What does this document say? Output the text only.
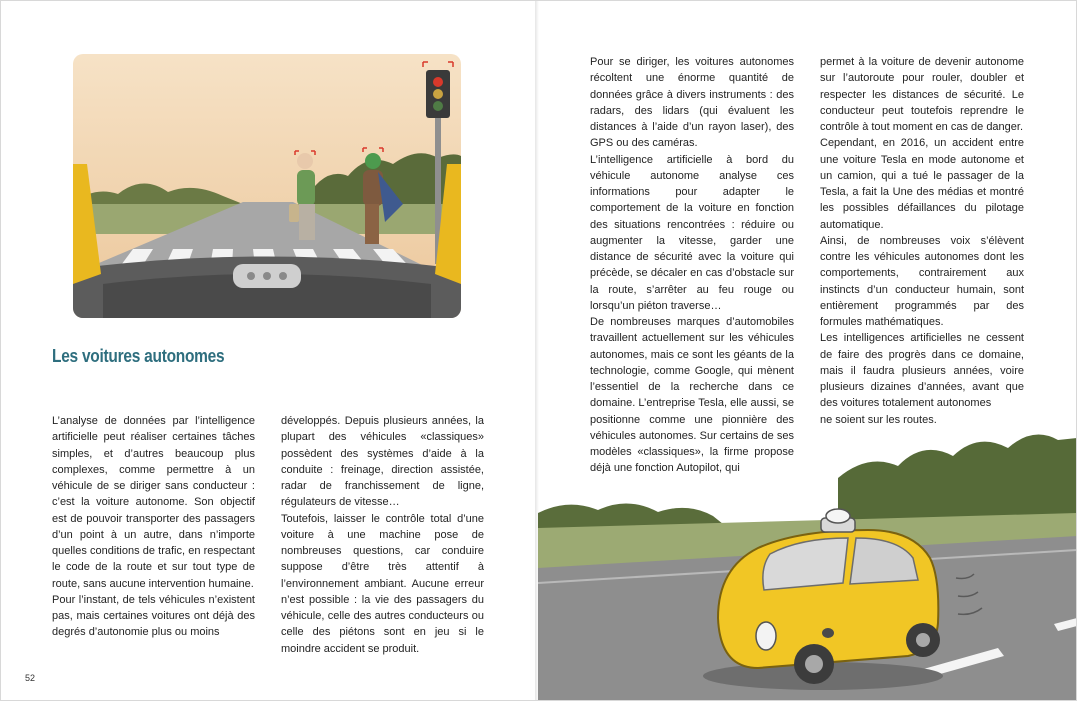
Les voitures autonomes

L’analyse de données par l’intelligence artificielle peut réaliser certaines tâches simples, et d’autres beaucoup plus complexes, comme permettre à un véhicule de se diriger sans conducteur : c’est la voiture autonome. Son objectif est de pouvoir transporter des passagers d’un point à un autre, dans n’importe quelles conditions de trafic, en respectant le code de la route et sur tout type de route, sans aucune intervention humaine.

Pour l’instant, de tels véhicules n’existent pas, mais certaines voitures ont déjà des degrés d’autonomie plus ou moins

développés. Depuis plusieurs années, la plupart des véhicules «classiques» possèdent des systèmes d’aide à la conduite : freinage, direction assistée, radar de franchissement de ligne, régulateurs de vitesse…

Toutefois, laisser le contrôle total d’une voiture à une machine pose de nombreuses questions, car conduire suppose d’être très attentif à l’environnement ambiant. Aucune erreur n’est possible : la vie des passagers du véhicule, celle des autres conducteurs ou celle des piétons sont en jeu si le moindre accident se produit.

Pour se diriger, les voitures autonomes récoltent une énorme quantité de données grâce à divers instruments : des radars, des lidars (qui évaluent les distances à l’aide d’un rayon laser), des GPS ou des caméras.

L’intelligence artificielle à bord du véhicule autonome analyse ces informations pour adapter le comportement de la voiture en fonction des situations rencontrées : réduire ou augmenter la vitesse, garder une distance de sécurité avec la voiture qui précède, se décaler en cas d’obstacle sur la route, s’arrêter au feu rouge ou lorsqu’un piéton traverse…

De nombreuses marques d’automobiles travaillent actuellement sur les véhicules autonomes, mais ce sont les géants de la technologie, comme Google, qui mènent l’essentiel de la recherche dans ce domaine. L’entreprise Tesla, elle aussi, se positionne comme une pionnière des véhicules autonomes. Sur certains de ses modèles «classiques», la firme propose déjà une fonction Autopilot, qui

permet à la voiture de devenir autonome sur l’autoroute pour rouler, doubler et respecter les distances de sécurité. Le conducteur peut toutefois reprendre le contrôle à tout moment en cas de danger.

Cependant, en 2016, un accident entre une voiture Tesla en mode autonome et un camion, qui a tué le passager de la Tesla, a fait la Une des médias et montré les possibles défaillances du pilotage automatique.

Ainsi, de nombreuses voix s’élèvent contre les véhicules autonomes dont les comportements, contrairement aux instincts d’un conducteur humain, sont entièrement programmés par des formules mathématiques.

Les intelligences artificielles ne cessent de faire des progrès dans ce domaine, mais il faudra plusieurs années, voire plusieurs dizaines d’années, avant que des voitures totalement autonomes

ne soient sur les routes.

52
